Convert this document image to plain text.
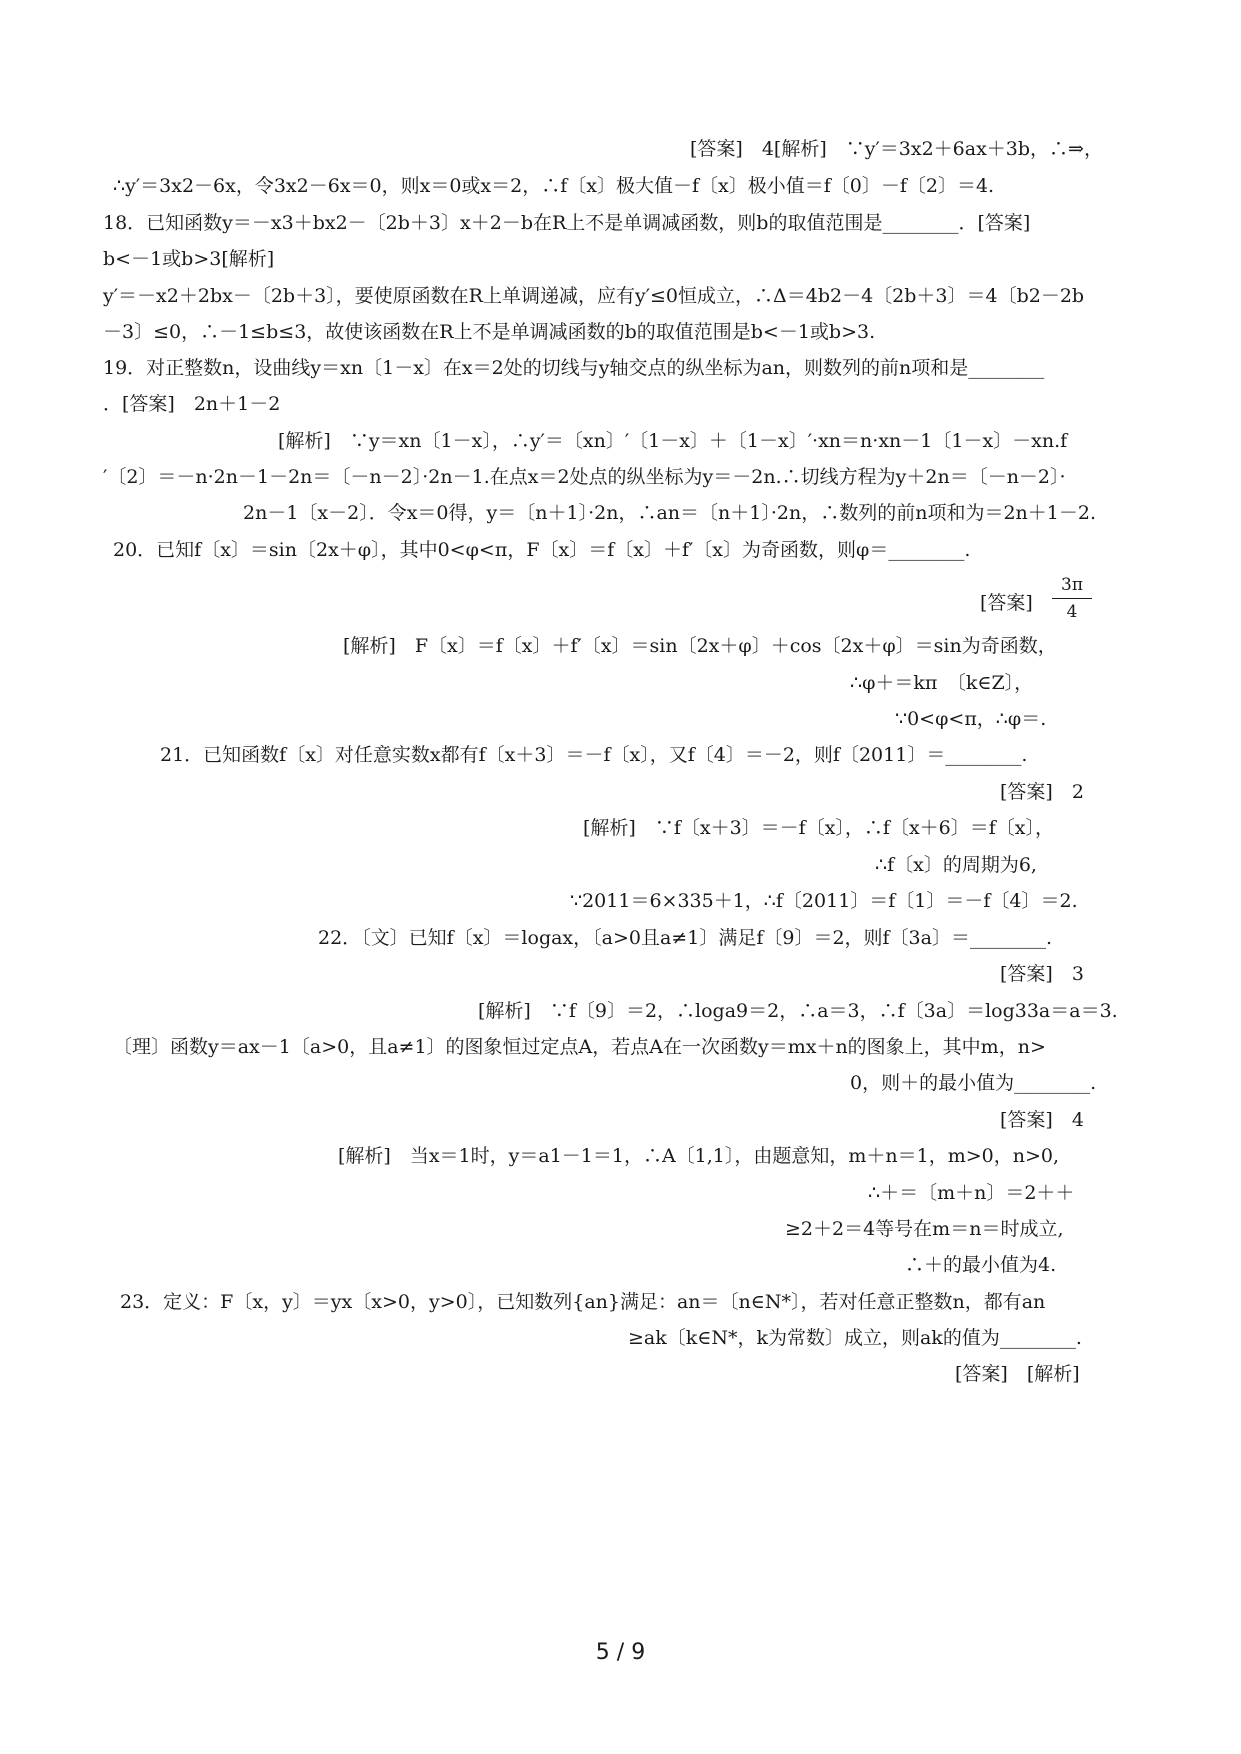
[答案]　4[解析]　∵y′＝3x2＋6ax＋3b，∴⇒，
∴y′＝3x2－6x，令3x2－6x＝0，则x＝0或x＝2，∴f〔x〕极大值－f〔x〕极小值＝f〔0〕－f〔2〕＝4.
18．已知函数y＝－x3＋bx2－〔2b＋3〕x＋2－b在R上不是单调减函数，则b的取值范围是________．[答案]
b<－1或b>3[解析]
y′＝－x2＋2bx－〔2b＋3〕，要使原函数在R上单调递减，应有y′≤0恒成立，∴Δ＝4b2－4〔2b＋3〕＝4〔b2－2b
－3〕≤0，∴－1≤b≤3，故使该函数在R上不是单调减函数的b的取值范围是b<－1或b>3.
19．对正整数n，设曲线y＝xn〔1－x〕在x＝2处的切线与y轴交点的纵坐标为an，则数列的前n项和是________
．[答案]　2n＋1－2
[解析]　∵y＝xn〔1－x〕，∴y′＝〔xn〕′〔1－x〕＋〔1－x〕′·xn＝n·xn－1〔1－x〕－xn.f
′〔2〕＝－n·2n－1－2n＝〔－n－2〕·2n－1.在点x＝2处点的纵坐标为y＝－2n.∴切线方程为y＋2n＝〔－n－2〕·
2n－1〔x－2〕．令x＝0得，y＝〔n＋1〕·2n，∴an＝〔n＋1〕·2n，∴数列的前n项和为＝2n＋1－2.
20．已知f〔x〕＝sin〔2x＋φ〕，其中0<φ<π，F〔x〕＝f〔x〕＋f′〔x〕为奇函数，则φ＝________.
[答案] $\frac{3\pi}{4}$
[解析]　F〔x〕＝f〔x〕＋f′〔x〕＝sin〔2x＋φ〕＋cos〔2x＋φ〕＝sin为奇函数，
∴φ＋＝kπ　〔k∈Z〕，
∵0<φ<π，∴φ＝.
21．已知函数f〔x〕对任意实数x都有f〔x＋3〕＝－f〔x〕，又f〔4〕＝－2，则f〔2011〕＝________.
[答案]　2
[解析]　∵f〔x＋3〕＝－f〔x〕，∴f〔x＋6〕＝f〔x〕，
∴f〔x〕的周期为6,
∵2011＝6×335＋1，∴f〔2011〕＝f〔1〕＝－f〔4〕＝2.
22．〔文〕已知f〔x〕＝logax，〔a>0且a≠1〕满足f〔9〕＝2，则f〔3a〕＝________.
[答案]　3
[解析]　∵f〔9〕＝2，∴loga9＝2，∴a＝3，∴f〔3a〕＝log33a＝a＝3.
〔理〕函数y＝ax－1〔a>0，且a≠1〕的图象恒过定点A，若点A在一次函数y＝mx＋n的图象上，其中m，n>
0，则＋的最小值为________.
[答案]　4
[解析]　当x＝1时，y＝a1－1＝1，∴A〔1,1〕，由题意知，m＋n＝1，m>0，n>0,
∴＋＝〔m＋n〕＝2＋＋
≥2＋2＝4等号在m＝n＝时成立,
∴＋的最小值为4.
23．定义：F〔x，y〕＝yx〔x>0，y>0〕，已知数列{an}满足：an＝〔n∈N*〕，若对任意正整数n，都有an
≥ak〔k∈N*，k为常数〕成立，则ak的值为________.
[答案]　[解析]
5 / 9
